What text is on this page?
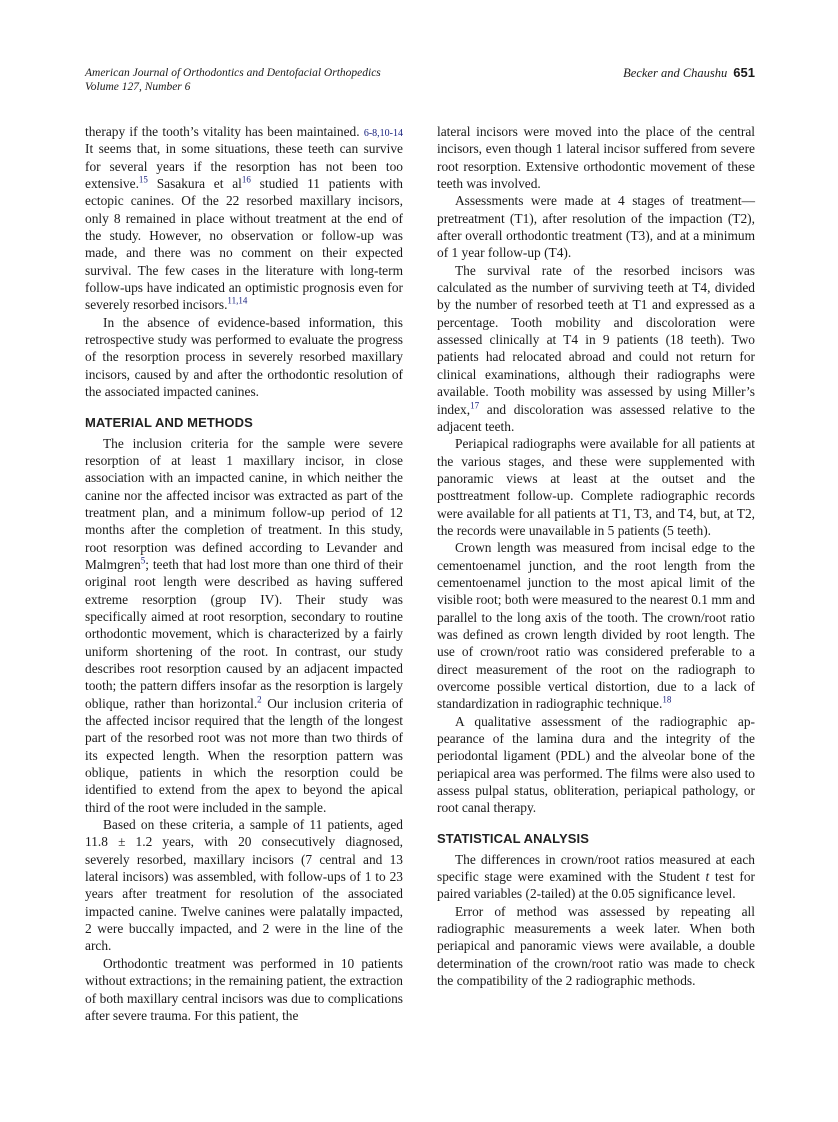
American Journal of Orthodontics and Dentofacial Orthopedics
Volume 127, Number 6
Becker and Chaushu 651

therapy if the tooth’s vitality has been maintained. 6-8,10-14 It seems that, in some situations, these teeth can survive for several years if the resorption has not been too extensive.$^{15}$ Sasakura et al$^{16}$ studied 11 patients with ectopic canines. Of the 22 resorbed maxillary incisors, only 8 remained in place without treatment at the end of the study. However, no observation or follow-up was made, and there was no comment on their expected survival. The few cases in the literature with long-term follow-ups have indicated an optimistic prognosis even for severely resorbed incisors.$^{11,14}$

In the absence of evidence-based information, this retrospective study was performed to evaluate the progress of the resorption process in severely resorbed maxillary incisors, caused by and after the orthodontic resolution of the associated impacted canines.

MATERIAL AND METHODS

The inclusion criteria for the sample were severe resorption of at least 1 maxillary incisor, in close association with an impacted canine, in which neither the canine nor the affected incisor was extracted as part of the treatment plan, and a minimum follow-up period of 12 months after the completion of treatment. In this study, root resorption was defined according to Levander and Malmgren$^5$; teeth that had lost more than one third of their original root length were described as having suffered extreme resorption (group IV). Their study was specifically aimed at root resorption, secondary to routine orthodontic movement, which is characterized by a fairly uniform shortening of the root. In contrast, our study describes root resorption caused by an adjacent impacted tooth; the pattern differs insofar as the resorption is largely oblique, rather than horizontal.$^2$ Our inclusion criteria of the affected incisor required that the length of the longest part of the resorbed root was not more than two thirds of its expected length. When the resorption pattern was oblique, patients in which the resorption could be identified to extend from the apex to beyond the apical third of the root were included in the sample.

Based on these criteria, a sample of 11 patients, aged 11.8 ± 1.2 years, with 20 consecutively diagnosed, severely resorbed, maxillary incisors (7 central and 13 lateral incisors) was assembled, with follow-ups of 1 to 23 years after treatment for resolution of the associated impacted canine. Twelve canines were palatally impacted, 2 were buccally impacted, and 2 were in the line of the arch.

Orthodontic treatment was performed in 10 patients without extractions; in the remaining patient, the extraction of both maxillary central incisors was due to complications after severe trauma. For this patient, the

lateral incisors were moved into the place of the central incisors, even though 1 lateral incisor suffered from severe root resorption. Extensive orthodontic movement of these teeth was involved.

Assessments were made at 4 stages of treatment—pretreatment (T1), after resolution of the impaction (T2), after overall orthodontic treatment (T3), and at a minimum of 1 year follow-up (T4).

The survival rate of the resorbed incisors was calculated as the number of surviving teeth at T4, divided by the number of resorbed teeth at T1 and expressed as a percentage. Tooth mobility and discoloration were assessed clinically at T4 in 9 patients (18 teeth). Two patients had relocated abroad and could not return for clinical examinations, although their radiographs were available. Tooth mobility was assessed by using Miller’s index,$^{17}$ and discoloration was assessed relative to the adjacent teeth.

Periapical radiographs were available for all patients at the various stages, and these were supplemented with panoramic views at least at the outset and the posttreatment follow-up. Complete radiographic records were available for all patients at T1, T3, and T4, but, at T2, the records were unavailable in 5 patients (5 teeth).

Crown length was measured from incisal edge to the cementoenamel junction, and the root length from the cementoenamel junction to the most apical limit of the visible root; both were measured to the nearest 0.1 mm and parallel to the long axis of the tooth. The crown/root ratio was defined as crown length divided by root length. The use of crown/root ratio was considered preferable to a direct measurement of the root on the radiograph to overcome possible vertical distortion, due to a lack of standardization in radiographic technique.$^{18}$

A qualitative assessment of the radiographic appearance of the lamina dura and the integrity of the periodontal ligament (PDL) and the alveolar bone of the periapical area was performed. The films were also used to assess pulpal status, obliteration, periapical pathology, or root canal therapy.

STATISTICAL ANALYSIS

The differences in crown/root ratios measured at each specific stage were examined with the Student t test for paired variables (2-tailed) at the 0.05 significance level.

Error of method was assessed by repeating all radiographic measurements a week later. When both periapical and panoramic views were available, a double determination of the crown/root ratio was made to check the compatibility of the 2 radiographic methods.
